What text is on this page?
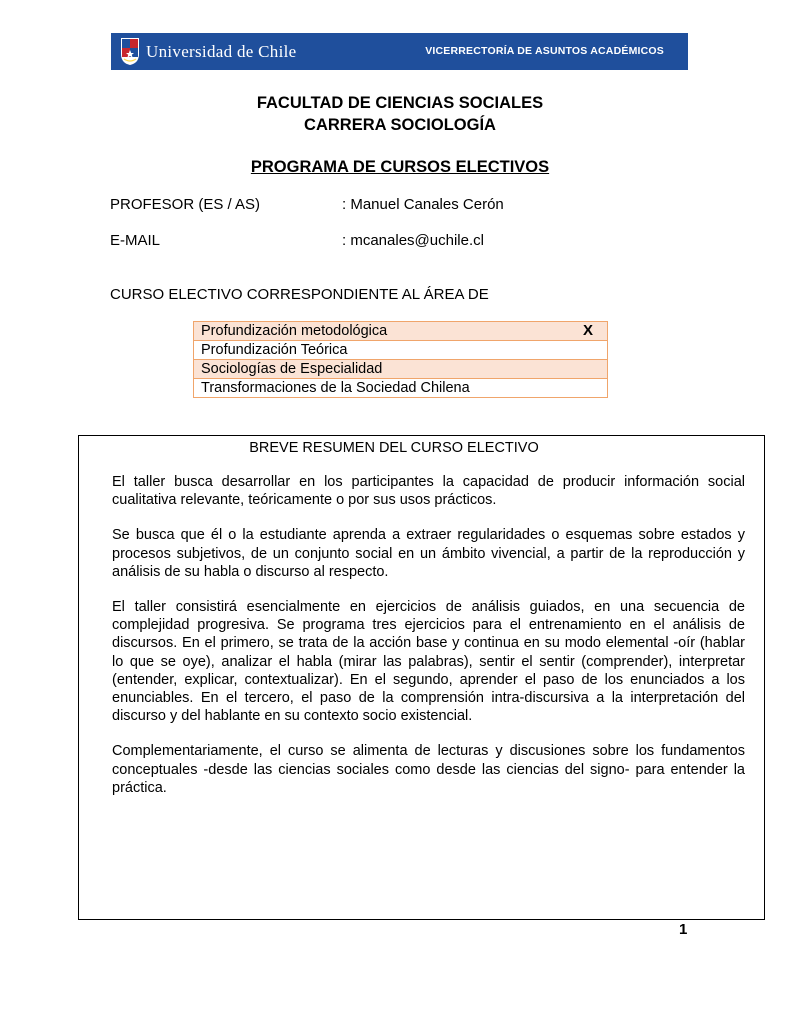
Universidad de Chile	VICERRECTORÍA DE ASUNTOS ACADÉMICOS
FACULTAD DE CIENCIAS SOCIALES
CARRERA SOCIOLOGÍA
PROGRAMA DE CURSOS ELECTIVOS
PROFESOR (ES / AS)	: Manuel Canales Cerón
E-MAIL	: mcanales@uchile.cl
CURSO ELECTIVO CORRESPONDIENTE AL ÁREA DE
Profundización metodológica	X

Profundización Teórica
Sociologías de Especialidad
Transformaciones de la Sociedad Chilena
BREVE RESUMEN DEL CURSO ELECTIVO

El taller busca desarrollar en los participantes la capacidad de producir información social cualitativa relevante, teóricamente o por sus usos prácticos.

Se busca que él o la estudiante aprenda a extraer regularidades o esquemas sobre estados y procesos subjetivos, de un conjunto social en un ámbito vivencial, a partir de la reproducción y análisis de su habla o discurso al respecto.

El taller consistirá esencialmente en ejercicios de análisis guiados, en una secuencia de complejidad progresiva. Se programa tres ejercicios para el entrenamiento en el análisis de discursos. En el primero, se trata de la acción base y continua en su modo elemental -oír (hablar lo que se oye), analizar el habla (mirar las palabras), sentir el sentir (comprender), interpretar (entender, explicar, contextualizar). En el segundo, aprender el paso de los enunciados a los enunciables. En el tercero, el paso de la comprensión intra-discursiva a la interpretación del discurso y del hablante en su contexto socio existencial.

Complementariamente, el curso se alimenta de lecturas y discusiones sobre los fundamentos conceptuales -desde las ciencias sociales como desde las ciencias del signo- para entender la práctica.

1
